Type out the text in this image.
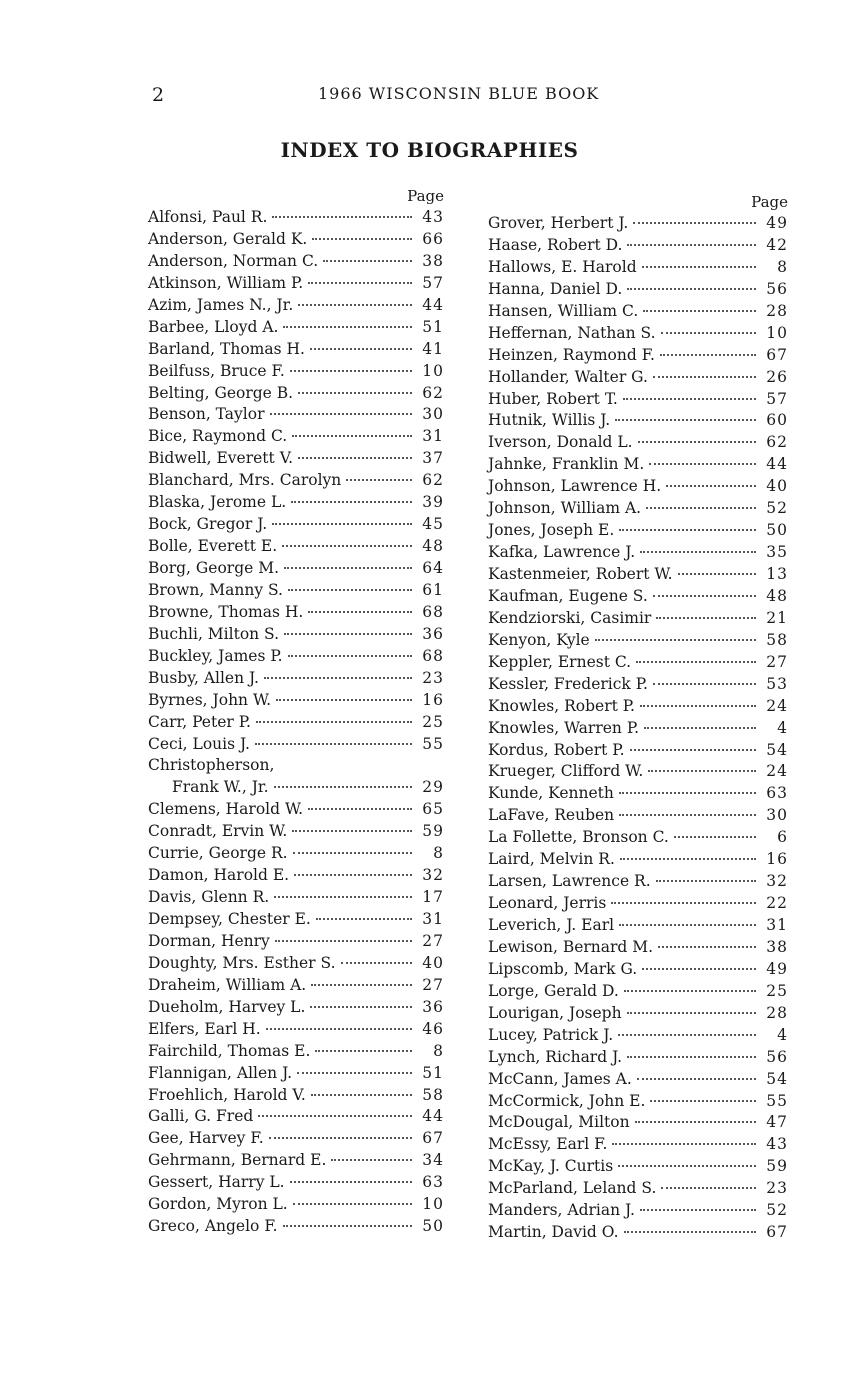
2	1966 WISCONSIN BLUE BOOK
INDEX TO BIOGRAPHIES
Page
Alfonsi, Paul R.	43
Anderson, Gerald K.	66
Anderson, Norman C.	38
Atkinson, William P.	57
Azim, James N., Jr.	44
Barbee, Lloyd A.	51
Barland, Thomas H.	41
Beilfuss, Bruce F.	10
Belting, George B.	62
Benson, Taylor	30
Bice, Raymond C.	31
Bidwell, Everett V.	37
Blanchard, Mrs. Carolyn	62
Blaska, Jerome L.	39
Bock, Gregor J.	45
Bolle, Everett E.	48
Borg, George M.	64
Brown, Manny S.	61
Browne, Thomas H.	68
Buchli, Milton S.	36
Buckley, James P.	68
Busby, Allen J.	23
Byrnes, John W.	16
Carr, Peter P.	25
Ceci, Louis J.	55
Christopherson,
Frank W., Jr.	29
Clemens, Harold W.	65
Conradt, Ervin W.	59
Currie, George R.	8
Damon, Harold E.	32
Davis, Glenn R.	17
Dempsey, Chester E.	31
Dorman, Henry	27
Doughty, Mrs. Esther S.	40
Draheim, William A.	27
Dueholm, Harvey L.	36
Elfers, Earl H.	46
Fairchild, Thomas E.	8
Flannigan, Allen J.	51
Froehlich, Harold V.	58
Galli, G. Fred	44
Gee, Harvey F.	67
Gehrmann, Bernard E.	34
Gessert, Harry L.	63
Gordon, Myron L.	10
Greco, Angelo F.	50
Page
Grover, Herbert J.	49
Haase, Robert D.	42
Hallows, E. Harold	8
Hanna, Daniel D.	56
Hansen, William C.	28
Heffernan, Nathan S.	10
Heinzen, Raymond F.	67
Hollander, Walter G.	26
Huber, Robert T.	57
Hutnik, Willis J.	60
Iverson, Donald L.	62
Jahnke, Franklin M.	44
Johnson, Lawrence H.	40
Johnson, William A.	52
Jones, Joseph E.	50
Kafka, Lawrence J.	35
Kastenmeier, Robert W.	13
Kaufman, Eugene S.	48
Kendziorski, Casimir	21
Kenyon, Kyle	58
Keppler, Ernest C.	27
Kessler, Frederick P.	53
Knowles, Robert P.	24
Knowles, Warren P.	4
Kordus, Robert P.	54
Krueger, Clifford W.	24
Kunde, Kenneth	63
LaFave, Reuben	30
La Follette, Bronson C.	6
Laird, Melvin R.	16
Larsen, Lawrence R.	32
Leonard, Jerris	22
Leverich, J. Earl	31
Lewison, Bernard M.	38
Lipscomb, Mark G.	49
Lorge, Gerald D.	25
Lourigan, Joseph	28
Lucey, Patrick J.	4
Lynch, Richard J.	56
McCann, James A.	54
McCormick, John E.	55
McDougal, Milton	47
McEssy, Earl F.	43
McKay, J. Curtis	59
McParland, Leland S.	23
Manders, Adrian J.	52
Martin, David O.	67
